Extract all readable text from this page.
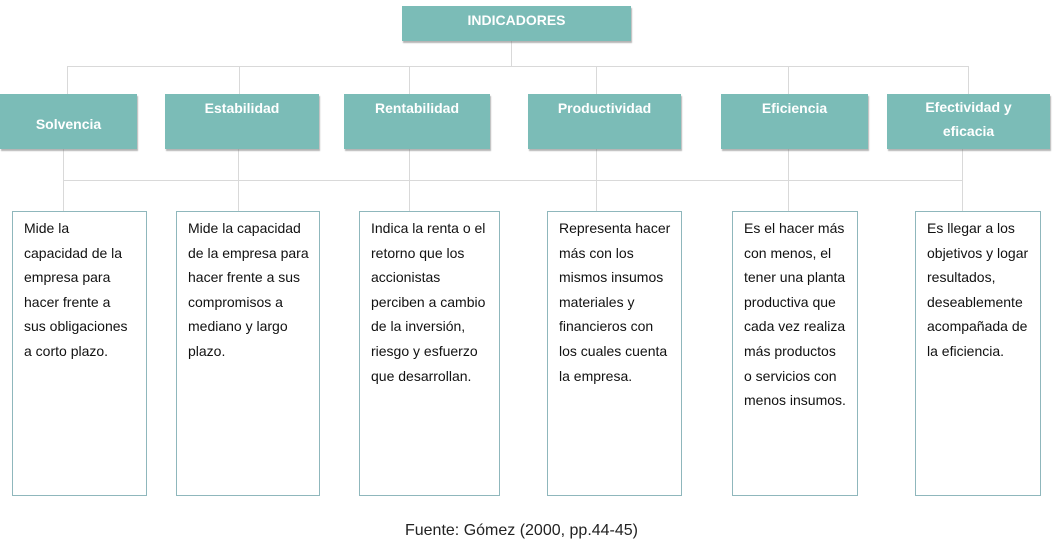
INDICADORES
Solvencia
Estabilidad	Rentabilidad	Productividad	Eficiencia	Efectividad y eficacia
Mide la capacidad de la empresa para hacer frente a sus obligaciones a corto plazo.
Mide la capacidad de la empresa para hacer frente a sus compromisos a mediano y largo plazo.
Indica la renta o el retorno que los accionistas perciben a cambio de la inversión, riesgo y esfuerzo que desarrollan.
Representa hacer más con los mismos insumos materiales y financieros con los cuales cuenta la empresa.
Es el hacer más con menos, el tener una planta productiva que cada vez realiza más productos o servicios con menos insumos.
Es llegar a los objetivos y logar resultados, deseablemente acompañada de la eficiencia.
Fuente: Gómez (2000, pp.44-45)
